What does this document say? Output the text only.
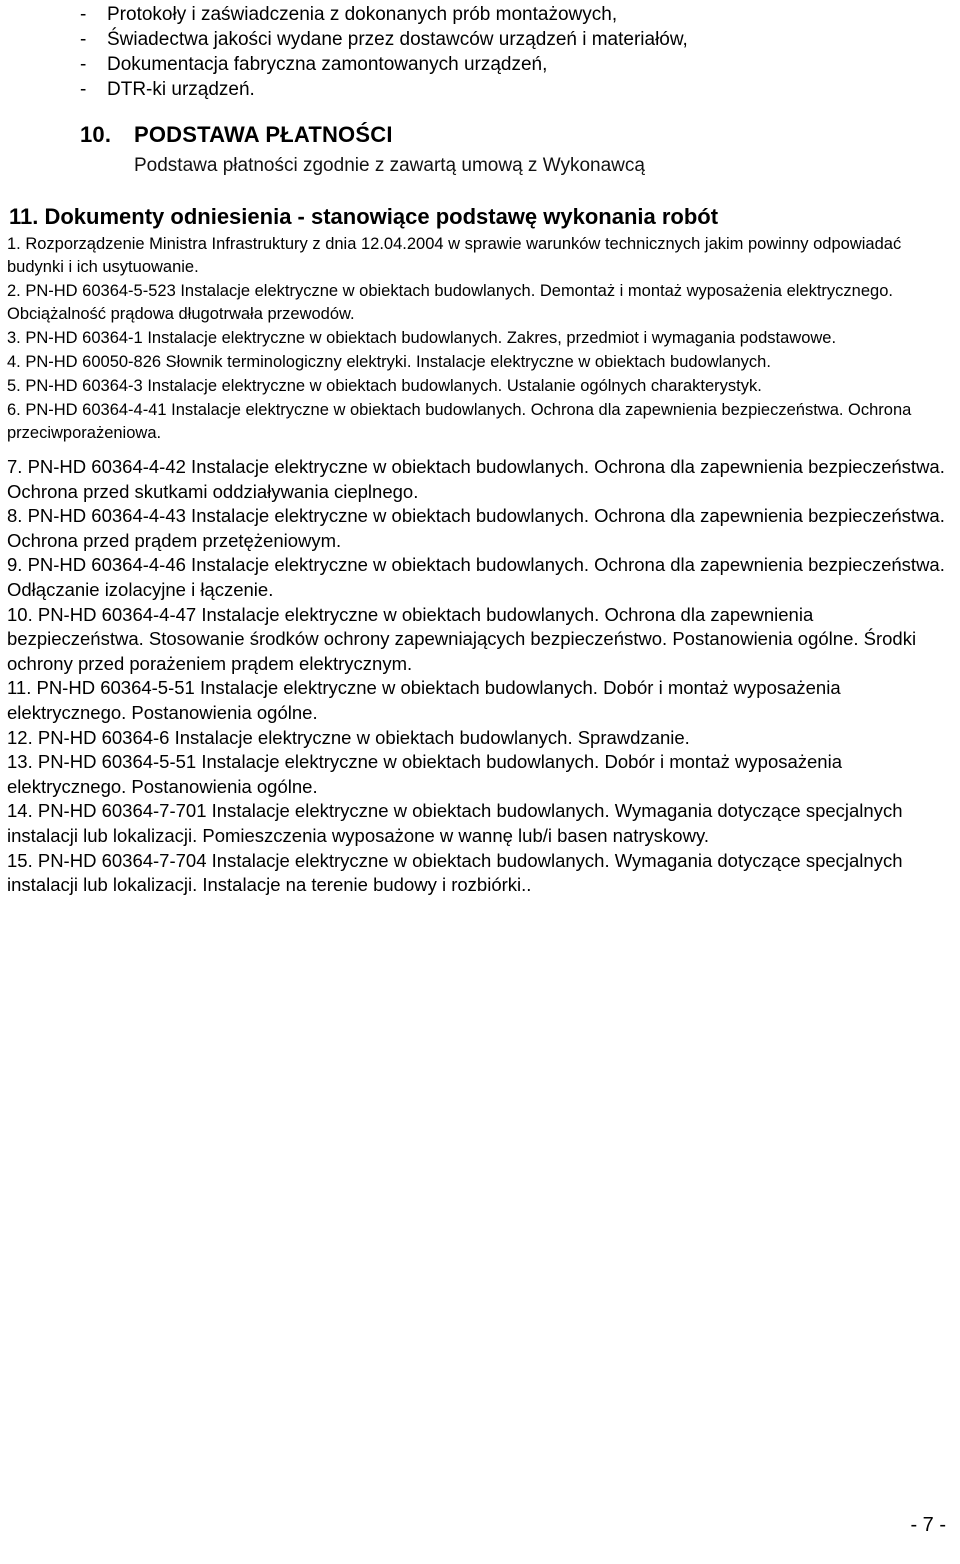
- Protokoły i zaświadczenia z dokonanych prób montażowych,
- Świadectwa jakości wydane przez dostawców urządzeń i materiałów,
- Dokumentacja fabryczna zamontowanych urządzeń,
- DTR-ki urządzeń.
10. PODSTAWA PŁATNOŚCI
Podstawa płatności zgodnie z zawartą umową z Wykonawcą
11. Dokumenty odniesienia - stanowiące podstawę wykonania robót

1. Rozporządzenie Ministra Infrastruktury z dnia 12.04.2004 w sprawie warunków technicznych jakim powinny odpowiadać budynki i ich usytuowanie.

2. PN-HD 60364-5-523 Instalacje elektryczne w obiektach budowlanych. Demontaż i montaż wyposażenia elektrycznego. Obciążalność prądowa długotrwała przewodów.

3. PN-HD 60364-1 Instalacje elektryczne w obiektach budowlanych. Zakres, przedmiot i wymagania podstawowe.

4. PN-HD 60050-826 Słownik terminologiczny elektryki. Instalacje elektryczne w obiektach budowlanych.

5. PN-HD 60364-3 Instalacje elektryczne w obiektach budowlanych. Ustalanie ogólnych charakterystyk.

6. PN-HD 60364-4-41 Instalacje elektryczne w obiektach budowlanych. Ochrona dla zapewnienia bezpieczeństwa. Ochrona przeciwporażeniowa.

7. PN-HD 60364-4-42 Instalacje elektryczne w obiektach budowlanych. Ochrona dla zapewnienia bezpieczeństwa. Ochrona przed skutkami oddziaływania cieplnego.

8. PN-HD 60364-4-43 Instalacje elektryczne w obiektach budowlanych. Ochrona dla zapewnienia bezpieczeństwa. Ochrona przed prądem przetężeniowym.

9. PN-HD 60364-4-46 Instalacje elektryczne w obiektach budowlanych. Ochrona dla zapewnienia bezpieczeństwa. Odłączanie izolacyjne i łączenie.

10. PN-HD 60364-4-47 Instalacje elektryczne w obiektach budowlanych. Ochrona dla zapewnienia bezpieczeństwa. Stosowanie środków ochrony zapewniających bezpieczeństwo. Postanowienia ogólne. Środki ochrony przed porażeniem prądem elektrycznym.

11. PN-HD 60364-5-51 Instalacje elektryczne w obiektach budowlanych. Dobór i montaż wyposażenia elektrycznego. Postanowienia ogólne.

12. PN-HD 60364-6 Instalacje elektryczne w obiektach budowlanych. Sprawdzanie.

13. PN-HD 60364-5-51 Instalacje elektryczne w obiektach budowlanych. Dobór i montaż wyposażenia elektrycznego. Postanowienia ogólne.

14. PN-HD 60364-7-701 Instalacje elektryczne w obiektach budowlanych. Wymagania dotyczące specjalnych instalacji lub lokalizacji. Pomieszczenia wyposażone w wannę lub/i basen natryskowy.

15. PN-HD 60364-7-704 Instalacje elektryczne w obiektach budowlanych. Wymagania dotyczące specjalnych instalacji lub lokalizacji. Instalacje na terenie budowy i rozbiórki..

- 7 -
